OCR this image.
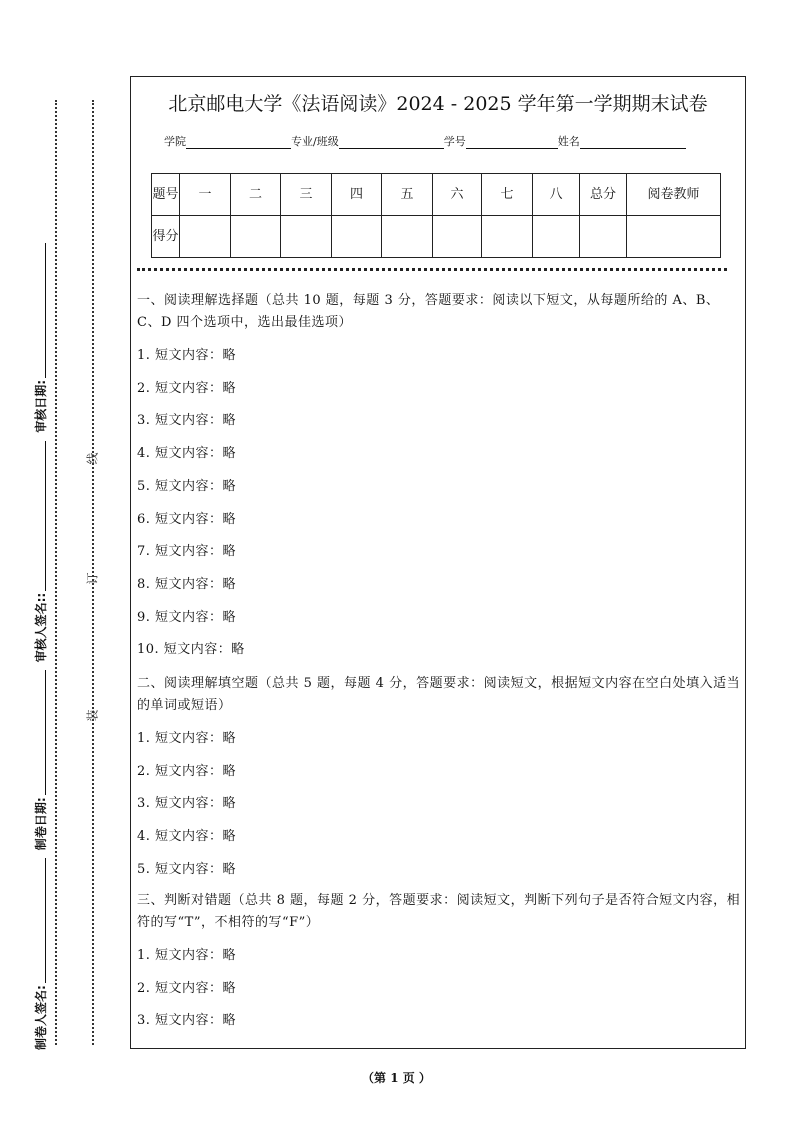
制卷人签名:
制卷日期:
审核人签名::
审核日期:
装
订
线
北京邮电大学《法语阅读》2024 - 2025 学年第一学期期末试卷
学院	专业/班级	学号	姓名
题号	一	二	三	四	五	六	七	八	总分	阅卷教师
得分										
一、阅读理解选择题（总共 10 题，每题 3 分，答题要求：阅读以下短文，从每题所给的 A、B、C、D 四个选项中，选出最佳选项）
1. 短文内容：略
2. 短文内容：略
3. 短文内容：略
4. 短文内容：略
5. 短文内容：略
6. 短文内容：略
7. 短文内容：略
8. 短文内容：略
9. 短文内容：略
10. 短文内容：略
二、阅读理解填空题（总共 5 题，每题 4 分，答题要求：阅读短文，根据短文内容在空白处填入适当的单词或短语）
1. 短文内容：略
2. 短文内容：略
3. 短文内容：略
4. 短文内容：略
5. 短文内容：略
三、判断对错题（总共 8 题，每题 2 分，答题要求：阅读短文，判断下列句子是否符合短文内容，相符的写“T”，不相符的写“F”）
1. 短文内容：略
2. 短文内容：略
3. 短文内容：略
（第 1 页 ）
